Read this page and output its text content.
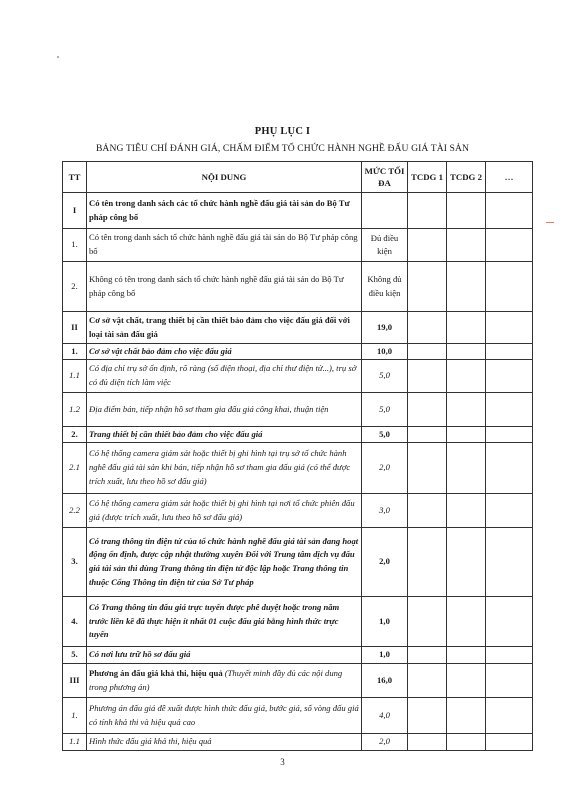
PHỤ LỤC I
BẢNG TIÊU CHÍ ĐÁNH GIÁ, CHẤM ĐIỂM TỔ CHỨC HÀNH NGHỀ ĐẤU GIÁ TÀI SẢN
TT	NỘI DUNG	MỨC TỐI ĐA	TCDG 1	TCDG 2	…
I	Có tên trong danh sách các tổ chức hành nghề đấu giá tài sản do Bộ Tư pháp công bố				
1.	Có tên trong danh sách tổ chức hành nghề đấu giá tài sản do Bộ Tư pháp công bố	Đủ điều kiện			
2.	Không có tên trong danh sách tổ chức hành nghề đấu giá tài sản do Bộ Tư pháp công bố	Không đủ điều kiện			
II	Cơ sở vật chất, trang thiết bị cần thiết bảo đảm cho việc đấu giá đối với loại tài sản đấu giá	19,0			
1.	Cơ sở vật chất bảo đảm cho việc đấu giá	10,0			
1.1	Có địa chỉ trụ sở ổn định, rõ ràng (số điện thoại, địa chỉ thư điện tử...), trụ sở có đủ diện tích làm việc	5,0			
1.2	Địa điểm bán, tiếp nhận hồ sơ tham gia đấu giá công khai, thuận tiện	5,0			
2.	Trang thiết bị cần thiết bảo đảm cho việc đấu giá	5,0			
2.1	Có hệ thống camera giám sát hoặc thiết bị ghi hình tại trụ sở tổ chức hành nghề đấu giá tài sản khi bán, tiếp nhận hồ sơ tham gia đấu giá (có thể được trích xuất, lưu theo hồ sơ đấu giá)	2,0			
2.2	Có hệ thống camera giám sát hoặc thiết bị ghi hình tại nơi tổ chức phiên đấu giá (được trích xuất, lưu theo hồ sơ đấu giá)	3,0			
3.	Có trang thông tin điện tử của tổ chức hành nghề đấu giá tài sản đang hoạt động ổn định, được cập nhật thường xuyên Đối với Trung tâm dịch vụ đấu giá tài sản thì dùng Trang thông tin điện tử độc lập hoặc Trang thông tin thuộc Cổng Thông tin điện tử của Sở Tư pháp	2,0			
4.	Có Trang thông tin đấu giá trực tuyến được phê duyệt hoặc trong năm trước liền kề đã thực hiện ít nhất 01 cuộc đấu giá bằng hình thức trực tuyến	1,0			
5.	Có nơi lưu trữ hồ sơ đấu giá	1,0			
III	Phương án đấu giá khả thi, hiệu quả (Thuyết minh đầy đủ các nội dung trong phương án)	16,0			
1.	Phương án đấu giá đề xuất được hình thức đấu giá, bước giá, số vòng đấu giá có tính khả thi và hiệu quả cao	4,0			
1.1	Hình thức đấu giá khả thi, hiệu quả	2,0			
3
